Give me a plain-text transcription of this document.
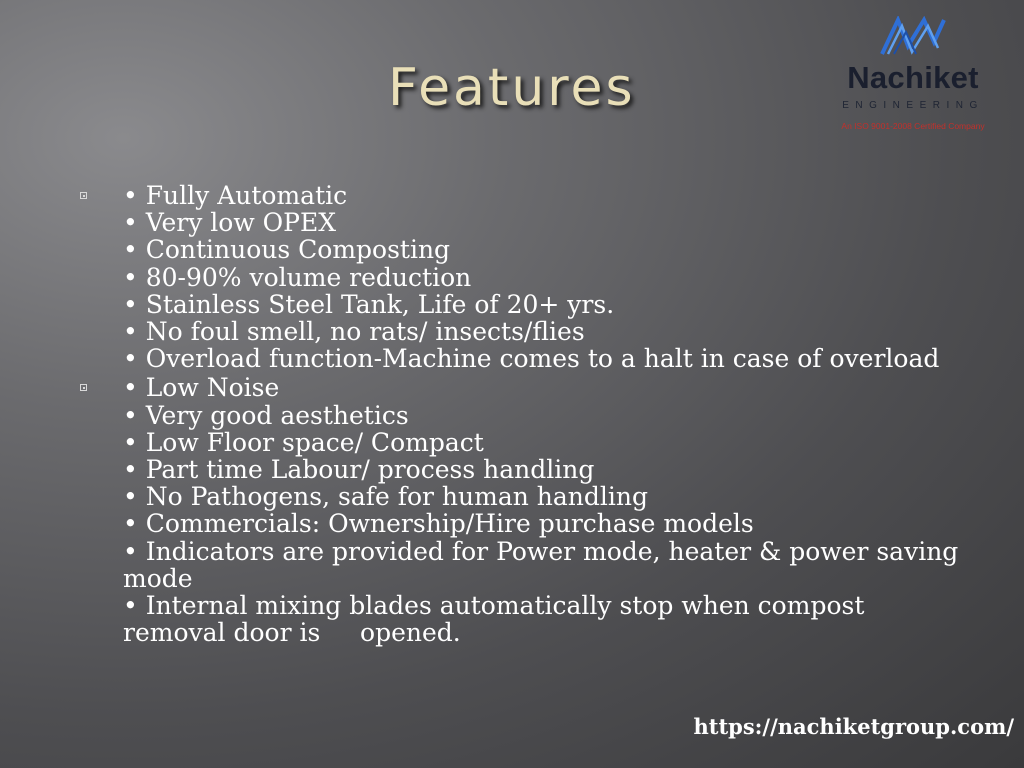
Features	Nachiket
ENGINEERING
An ISO 9001-2008 Certified Company
• Fully Automatic
• Very low OPEX
• Continuous Composting
• 80-90% volume reduction
• Stainless Steel Tank, Life of 20+ yrs.
• No foul smell, no rats/ insects/flies
• Overload function-Machine comes to a halt in case of overload
• Low Noise
• Very good aesthetics
• Low Floor space/ Compact
• Part time Labour/ process handling
• No Pathogens, safe for human handling
• Commercials: Ownership/Hire purchase models
• Indicators are provided for Power mode, heater & power saving mode
• Internal mixing blades automatically stop when compost removal door is     opened.
https://nachiketgroup.com/
